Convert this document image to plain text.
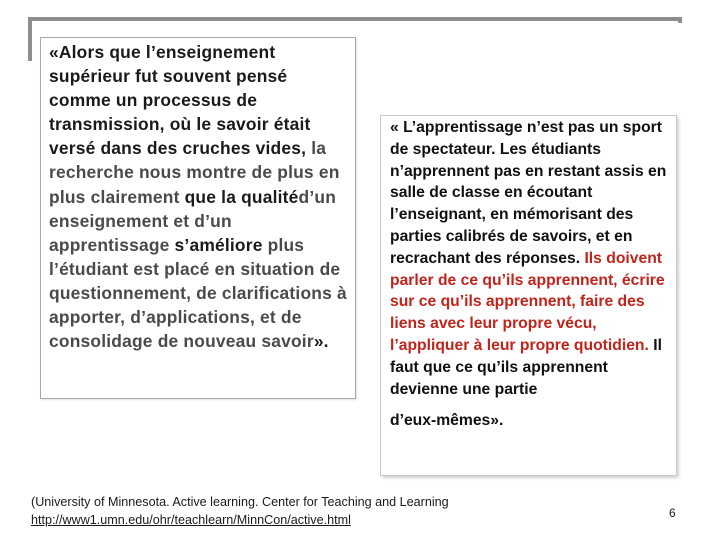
«Alors que l’enseignement supérieur fut souvent pensé comme un processus de transmission, où le savoir était versé dans des cruches vides, la recherche nous montre de plus en plus clairement que la qualitéd’un enseignement et d’un apprentissage s’améliore plus l’étudiant est placé en situation de questionnement, de clarifications à apporter, d’applications, et de consolidage de nouveau savoir».
« L’apprentissage n’est pas un sport de spectateur. Les étudiants n’apprennent pas en restant assis en salle de classe en écoutant l’enseignant, en mémorisant des parties calibrés de savoirs, et en recrachant des réponses. Ils doivent parler de ce qu’ils apprennent, écrire sur ce qu’ils apprennent, faire des liens avec leur propre vécu, l’appliquer à leur propre quotidien. Il faut que ce qu’ils apprennent devienne une partie
d’eux-mêmes».
(University of Minnesota. Active learning. Center for Teaching and Learning
http://www1.umn.edu/ohr/teachlearn/MinnCon/active.html	6
